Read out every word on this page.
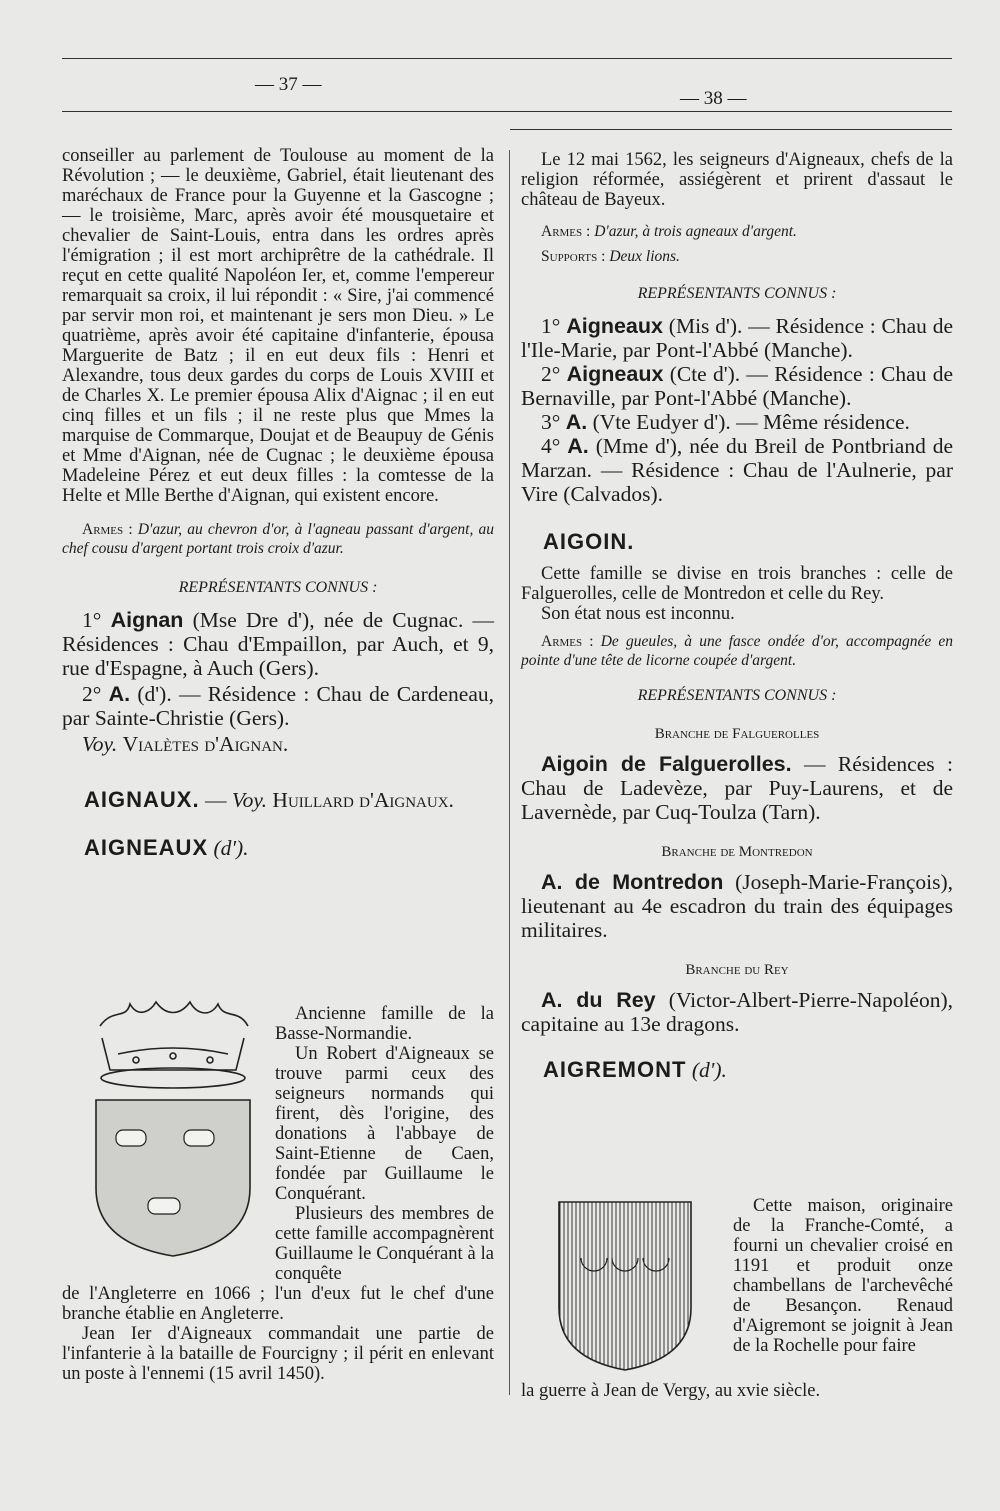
— 37 —
— 38 —

conseiller au parlement de Toulouse au moment de la Révolution ; — le deuxième, Gabriel, était lieutenant des maréchaux de France pour la Guyenne et la Gascogne ; — le troisième, Marc, après avoir été mousquetaire et chevalier de Saint-Louis, entra dans les ordres après l'émigration ; il est mort archiprêtre de la cathédrale. Il reçut en cette qualité Napoléon Ier, et, comme l'empereur remarquait sa croix, il lui répondit : « Sire, j'ai commencé par servir mon roi, et maintenant je sers mon Dieu. » Le quatrième, après avoir été capitaine d'infanterie, épousa Marguerite de Batz ; il en eut deux fils : Henri et Alexandre, tous deux gardes du corps de Louis XVIII et de Charles X. Le premier épousa Alix d'Aignac ; il en eut cinq filles et un fils ; il ne reste plus que Mmes la marquise de Commarque, Doujat et de Beaupuy de Génis et Mme d'Aignan, née de Cugnac ; le deuxième épousa Madeleine Pérez et eut deux filles : la comtesse de la Helte et Mlle Berthe d'Aignan, qui existent encore.

Armes : D'azur, au chevron d'or, à l'agneau passant d'argent, au chef cousu d'argent portant trois croix d'azur.

REPRÉSENTANTS CONNUS :

1° Aignan (Mse Dre d'), née de Cugnac. — Résidences : Chau d'Empaillon, par Auch, et 9, rue d'Espagne, à Auch (Gers).

2° A. (d'). — Résidence : Chau de Cardeneau, par Sainte-Christie (Gers).

Voy. Vialètes d'Aignan.

AIGNAUX. — Voy. Huillard d'Aignaux.

AIGNEAUX (d').

Ancienne famille de la Basse-Normandie.

Un Robert d'Aigneaux se trouve parmi ceux des seigneurs normands qui firent, dès l'origine, des donations à l'abbaye de Saint-Etienne de Caen, fondée par Guillaume le Conquérant.

Plusieurs des membres de cette famille accompagnèrent Guillaume le Conquérant à la conquête

de l'Angleterre en 1066 ; l'un d'eux fut le chef d'une branche établie en Angleterre.

Jean Ier d'Aigneaux commandait une partie de l'infanterie à la bataille de Fourcigny ; il périt en enlevant un poste à l'ennemi (15 avril 1450).

Le 12 mai 1562, les seigneurs d'Aigneaux, chefs de la religion réformée, assiégèrent et prirent d'assaut le château de Bayeux.

Armes : D'azur, à trois agneaux d'argent.

Supports : Deux lions.

REPRÉSENTANTS CONNUS :

1° Aigneaux (Mis d'). — Résidence : Chau de l'Ile-Marie, par Pont-l'Abbé (Manche).

2° Aigneaux (Cte d'). — Résidence : Chau de Bernaville, par Pont-l'Abbé (Manche).

3° A. (Vte Eudyer d'). — Même résidence.

4° A. (Mme d'), née du Breil de Pontbriand de Marzan. — Résidence : Chau de l'Aulnerie, par Vire (Calvados).

AIGOIN.

Cette famille se divise en trois branches : celle de Falguerolles, celle de Montredon et celle du Rey.

Son état nous est inconnu.

Armes : De gueules, à une fasce ondée d'or, accompagnée en pointe d'une tête de licorne coupée d'argent.

REPRÉSENTANTS CONNUS :
Branche de Falguerolles

Aigoin de Falguerolles. — Résidences : Chau de Ladevèze, par Puy-Laurens, et de Lavernède, par Cuq-Toulza (Tarn).

Branche de Montredon

A. de Montredon (Joseph-Marie-François), lieutenant au 4e escadron du train des équipages militaires.

Branche du Rey

A. du Rey (Victor-Albert-Pierre-Napoléon), capitaine au 13e dragons.

AIGREMONT (d').

Cette maison, originaire de la Franche-Comté, a fourni un chevalier croisé en 1191 et produit onze chambellans de l'archevêché de Besançon. Renaud d'Aigremont se joignit à Jean de la Rochelle pour faire

la guerre à Jean de Vergy, au xvie siècle.
